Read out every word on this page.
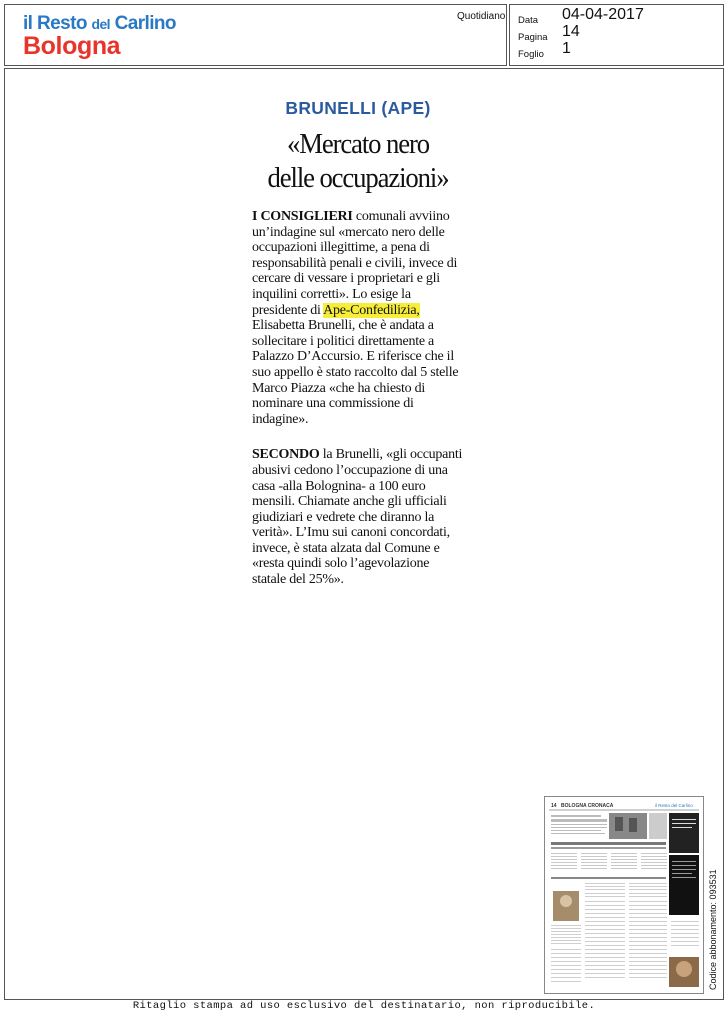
il Resto del Carlino
Bologna
Quotidiano Data 04-04-2017
Pagina 14
Foglio 1

BRUNELLI (APE)

«Mercato nero
delle occupazioni»

I CONSIGLIERI comunali avviino un’indagine sul «mercato nero delle occupazioni illegittime, a pena di responsabilità penali e civili, invece di cercare di vessare i proprietari e gli inquilini corretti». Lo esige la presidente di Ape-Confedilizia, Elisabetta Brunelli, che è andata a sollecitare i politici direttamente a Palazzo D’Accursio. E riferisce che il suo appello è stato raccolto dal 5 stelle Marco Piazza «che ha chiesto di nominare una commissione di indagine».

SECONDO la Brunelli, «gli occupanti abusivi cedono l’occupazione di una casa -alla Bolognina- a 100 euro mensili. Chiamate anche gli ufficiali giudiziari e vedrete che diranno la verità». L’Imu sui canoni concordati, invece, è stata alzata dal Comune e «resta quindi solo l’agevolazione statale del 25%».

14 BOLOGNA CRONACA	il Resto del Carlino
Codice abbonamento: 093531
Ritaglio stampa ad uso esclusivo del destinatario, non riproducibile.
